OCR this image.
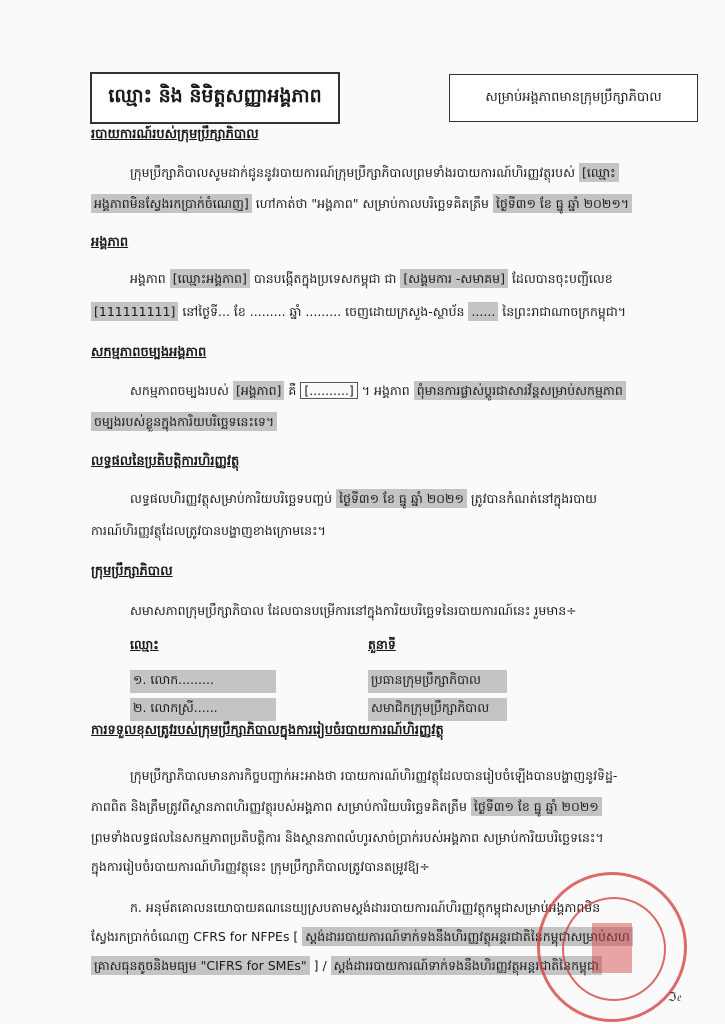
ឈ្មោះ និង និមិត្តសញ្ញាអង្គភាព	សម្រាប់អង្គភាពមានក្រុមប្រឹក្សាភិបាល
របាយការណ៍របស់ក្រុមប្រឹក្សាភិបាល
ក្រុមប្រឹក្សាភិបាលសូមដាក់ជូននូវរបាយការណ៍ក្រុមប្រឹក្សាភិបាលព្រមទាំងរបាយការណ៍ហិរញ្ញវត្ថុរបស់ [ឈ្មោះ
អង្គភាពមិនស្វែងរកប្រាក់ចំណេញ] ហៅកាត់ថា "អង្គភាព" សម្រាប់កាលបរិច្ឆេទគិតត្រឹម ថ្ងៃទី៣១ ខែ ធ្នូ ឆ្នាំ ២០២១។
អង្គភាព
អង្គភាព [ឈ្មោះអង្គភាព] បានបង្កើតក្នុងប្រទេសកម្ពុជា ជា [សង្គមការ -សមាគម] ដែលបានចុះបញ្ជីលេខ
[111111111] នៅថ្ងៃទី... ខែ ......... ឆ្នាំ ......... ចេញដោយក្រសួង-ស្ថាប័ន ...... នៃព្រះរាជាណាចក្រកម្ពុជា។
សកម្មភាពចម្បងអង្គភាព
សកម្មភាពចម្បងរបស់ [អង្គភាព] គឺ [..........] ។ អង្គភាព ពុំមានការផ្លាស់ប្តូរជាសារវ័ន្តសម្រាប់សកម្មភាព
ចម្បងរបស់ខ្លួនក្នុងការិយបរិច្ឆេទនេះទេ។
លទ្ធផលនៃប្រតិបត្តិការហិរញ្ញវត្ថុ
លទ្ធផលហិរញ្ញវត្ថុសម្រាប់ការិយបរិច្ឆេទបញ្ចប់ ថ្ងៃទី៣១ ខែ ធ្នូ ឆ្នាំ ២០២១ ត្រូវបានកំណត់នៅក្នុងរបាយ
ការណ៍ហិរញ្ញវត្ថុដែលត្រូវបានបង្ហាញខាងក្រោមនេះ។
ក្រុមប្រឹក្សាភិបាល
សមាសភាពក្រុមប្រឹក្សាភិបាល ដែលបានបម្រើការនៅក្នុងការិយបរិច្ឆេទនៃរបាយការណ៍នេះ រួមមាន÷
ឈ្មោះ	តួនាទី
១. លោក.........	ប្រធានក្រុមប្រឹក្សាភិបាល
២. លោកស្រី......	សមាជិកក្រុមប្រឹក្សាភិបាល
ការទទួលខុសត្រូវរបស់ក្រុមប្រឹក្សាភិបាលក្នុងការរៀបចំរបាយការណ៍ហិរញ្ញវត្ថុ
ក្រុមប្រឹក្សាភិបាលមានភារកិច្ចបញ្ជាក់អះអាងថា របាយការណ៍ហិរញ្ញវត្ថុដែលបានរៀបចំឡើងបានបង្ហាញនូវទិដ្ឋ-
ភាពពិត និងត្រឹមត្រូវពីស្ថានភាពហិរញ្ញវត្ថុរបស់អង្គភាព សម្រាប់ការិយបរិច្ឆេទគិតត្រឹម ថ្ងៃទី៣១ ខែ ធ្នូ ឆ្នាំ ២០២១
ព្រមទាំងលទ្ធផលនៃសកម្មភាពប្រតិបត្តិការ និងស្ថានភាពលំហូរសាច់ប្រាក់របស់អង្គភាព សម្រាប់ការិយបរិច្ឆេទនេះ។
ក្នុងការរៀបចំរបាយការណ៍ហិរញ្ញវត្ថុនេះ ក្រុមប្រឹក្សាភិបាលត្រូវបានតម្រូវឱ្យ÷
ក. អនុម័តគោលនយោបាយគណនេយ្យស្របតាមស្តង់ដាររបាយការណ៍ហិរញ្ញវត្ថុកម្ពុជាសម្រាប់អង្គភាពមិន
ស្វែងរកប្រាក់ចំណេញ CFRS for NFPEs [ ស្តង់ដាររបាយការណ៍ទាក់ទងនឹងហិរញ្ញវត្ថុអន្តរជាតិនៃកម្ពុជាសម្រាប់សហ
គ្រាសធុនតូចនិងមធ្យម "CIFRS for SMEs" ] / ស្តង់ដាររបាយការណ៍ទាក់ទងនឹងហិរញ្ញវត្ថុអន្តរជាតិនៃកម្ពុជា
ℑ𝔢
